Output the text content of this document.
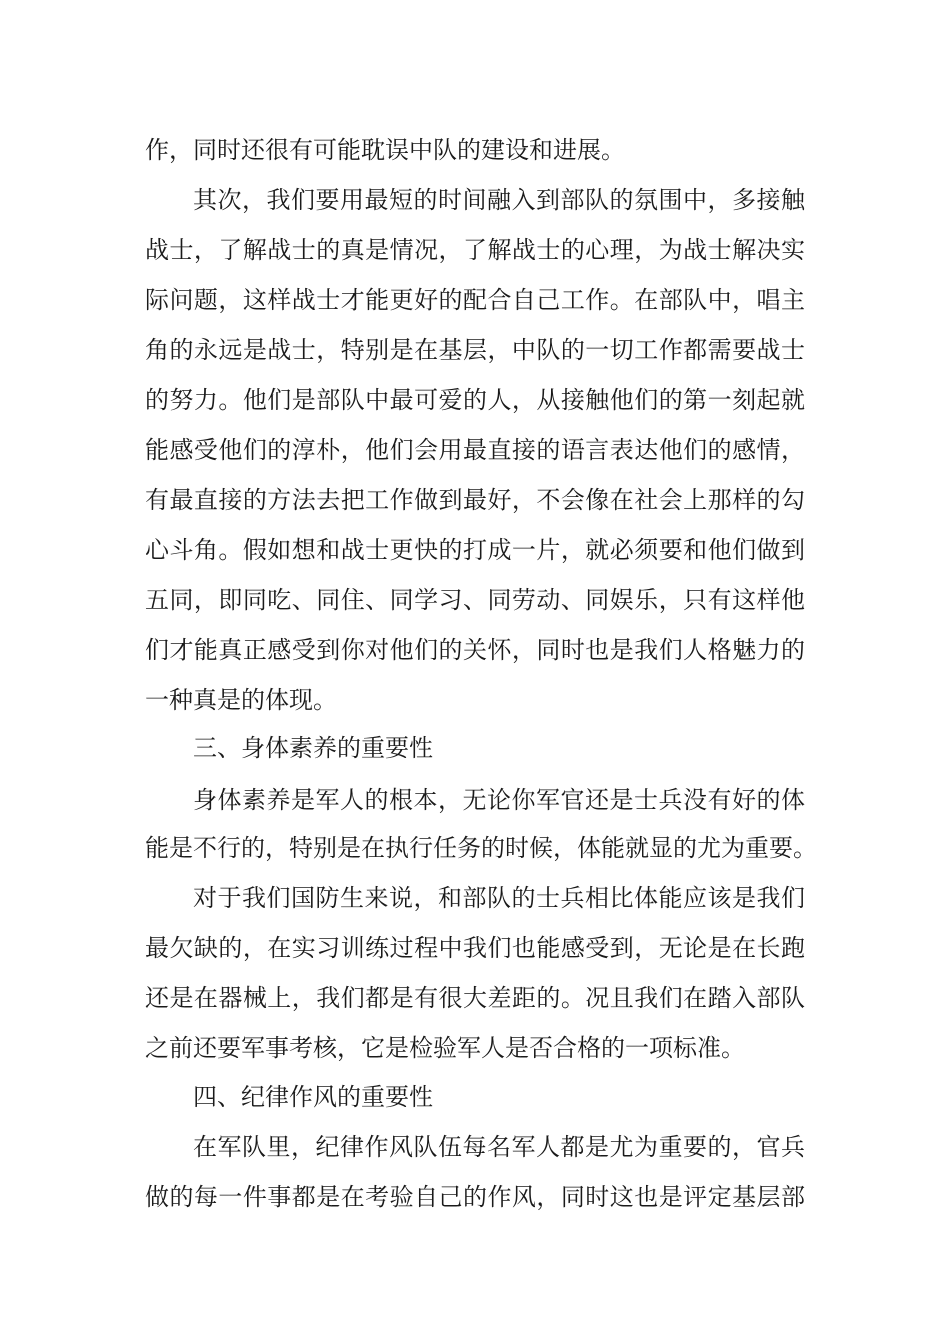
作，同时还很有可能耽误中队的建设和进展。
其次，我们要用最短的时间融入到部队的氛围中，多接触
战士，了解战士的真是情况，了解战士的心理，为战士解决实
际问题，这样战士才能更好的配合自己工作。在部队中，唱主
角的永远是战士，特别是在基层，中队的一切工作都需要战士
的努力。他们是部队中最可爱的人，从接触他们的第一刻起就
能感受他们的淳朴，他们会用最直接的语言表达他们的感情，
有最直接的方法去把工作做到最好，不会像在社会上那样的勾
心斗角。假如想和战士更快的打成一片，就必须要和他们做到
五同，即同吃、同住、同学习、同劳动、同娱乐，只有这样他
们才能真正感受到你对他们的关怀，同时也是我们人格魅力的
一种真是的体现。
三、身体素养的重要性
身体素养是军人的根本，无论你军官还是士兵没有好的体
能是不行的，特别是在执行任务的时候，体能就显的尤为重要。
对于我们国防生来说，和部队的士兵相比体能应该是我们
最欠缺的，在实习训练过程中我们也能感受到，无论是在长跑
还是在器械上，我们都是有很大差距的。况且我们在踏入部队
之前还要军事考核，它是检验军人是否合格的一项标准。
四、纪律作风的重要性
在军队里，纪律作风队伍每名军人都是尤为重要的，官兵
做的每一件事都是在考验自己的作风，同时这也是评定基层部
